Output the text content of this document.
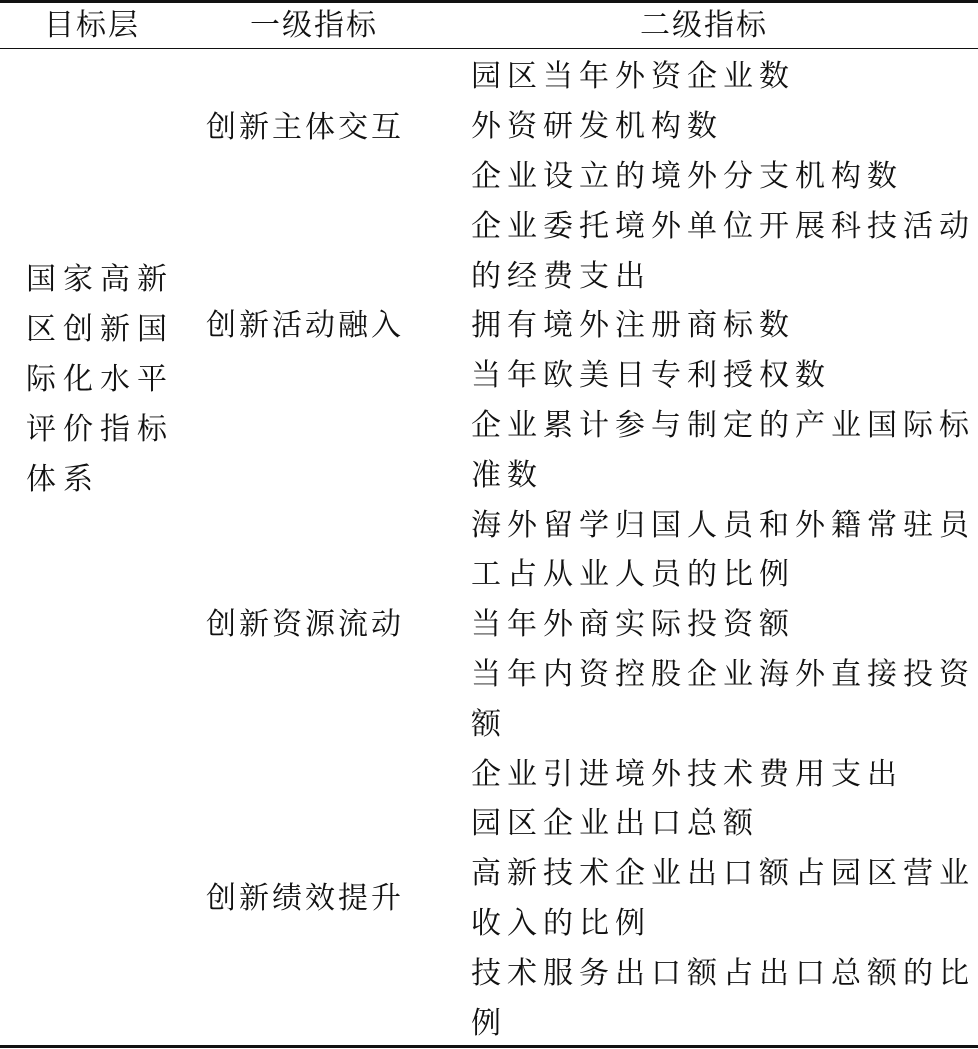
目标层	一级指标	二级指标
国家高新
区创新国
际化水平
评价指标
体系
创新主体交互
创新活动融入
创新资源流动
创新绩效提升
园区当年外资企业数
外资研发机构数
企业设立的境外分支机构数
企业委托境外单位开展科技活动
的经费支出
拥有境外注册商标数
当年欧美日专利授权数
企业累计参与制定的产业国际标
准数
海外留学归国人员和外籍常驻员
工占从业人员的比例
当年外商实际投资额
当年内资控股企业海外直接投资
额
企业引进境外技术费用支出
园区企业出口总额
高新技术企业出口额占园区营业
收入的比例
技术服务出口额占出口总额的比
例
